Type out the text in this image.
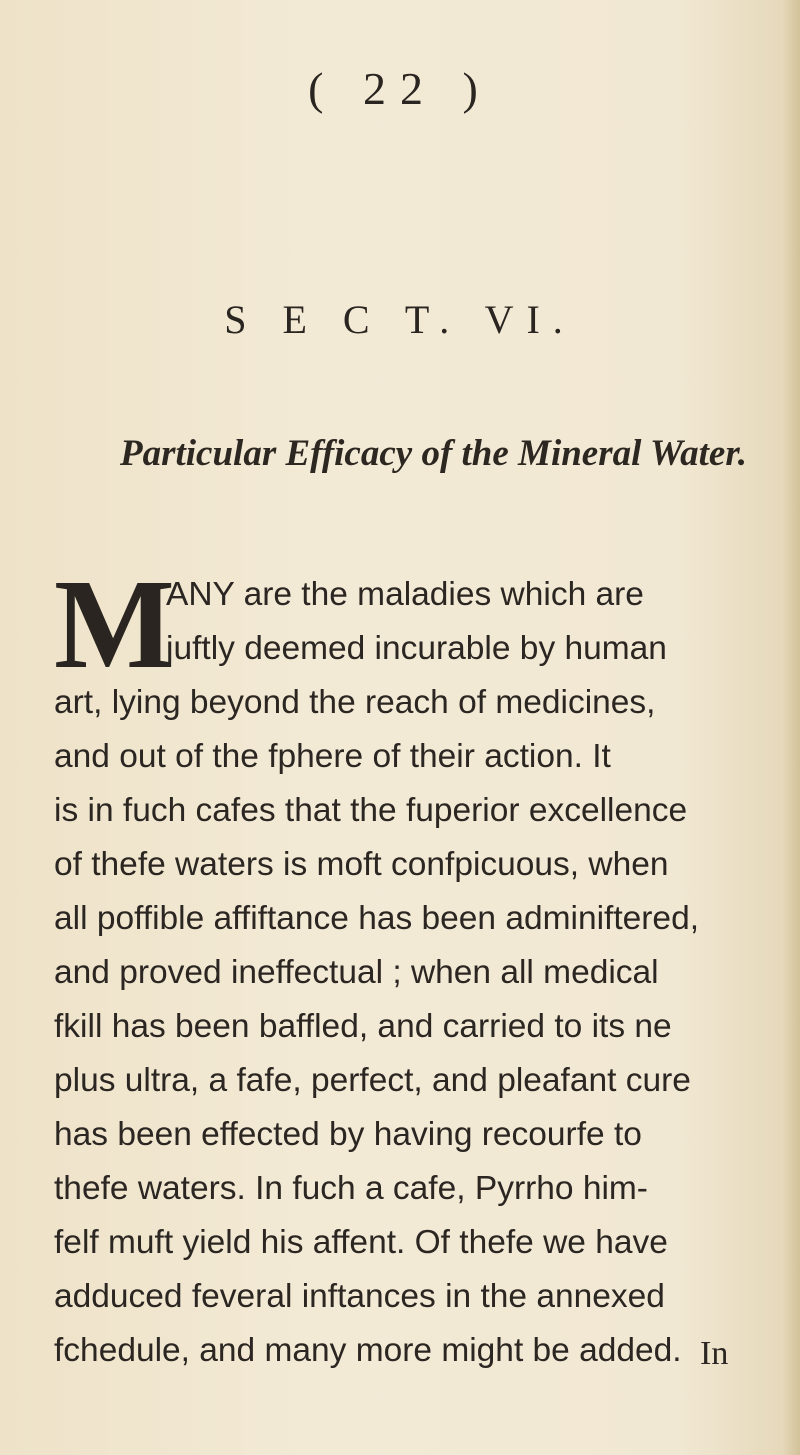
( 22 )
S E C T. VI.
Particular Efficacy of the Mineral Water.
M
ANY are the maladies which are
juftly deemed incurable by human
art, lying beyond the reach of medicines,
and out of the fphere of their action. It
is in fuch cafes that the fuperior excellence
of thefe waters is moft confpicuous, when
all poffible affiftance has been adminiftered,
and proved ineffectual ; when all medical
fkill has been baffled, and carried to its ne
plus ultra, a fafe, perfect, and pleafant cure
has been effected by having recourfe to
thefe waters. In fuch a cafe, Pyrrho him-
felf muft yield his affent. Of thefe we have
adduced feveral inftances in the annexed
fchedule, and many more might be added. In
